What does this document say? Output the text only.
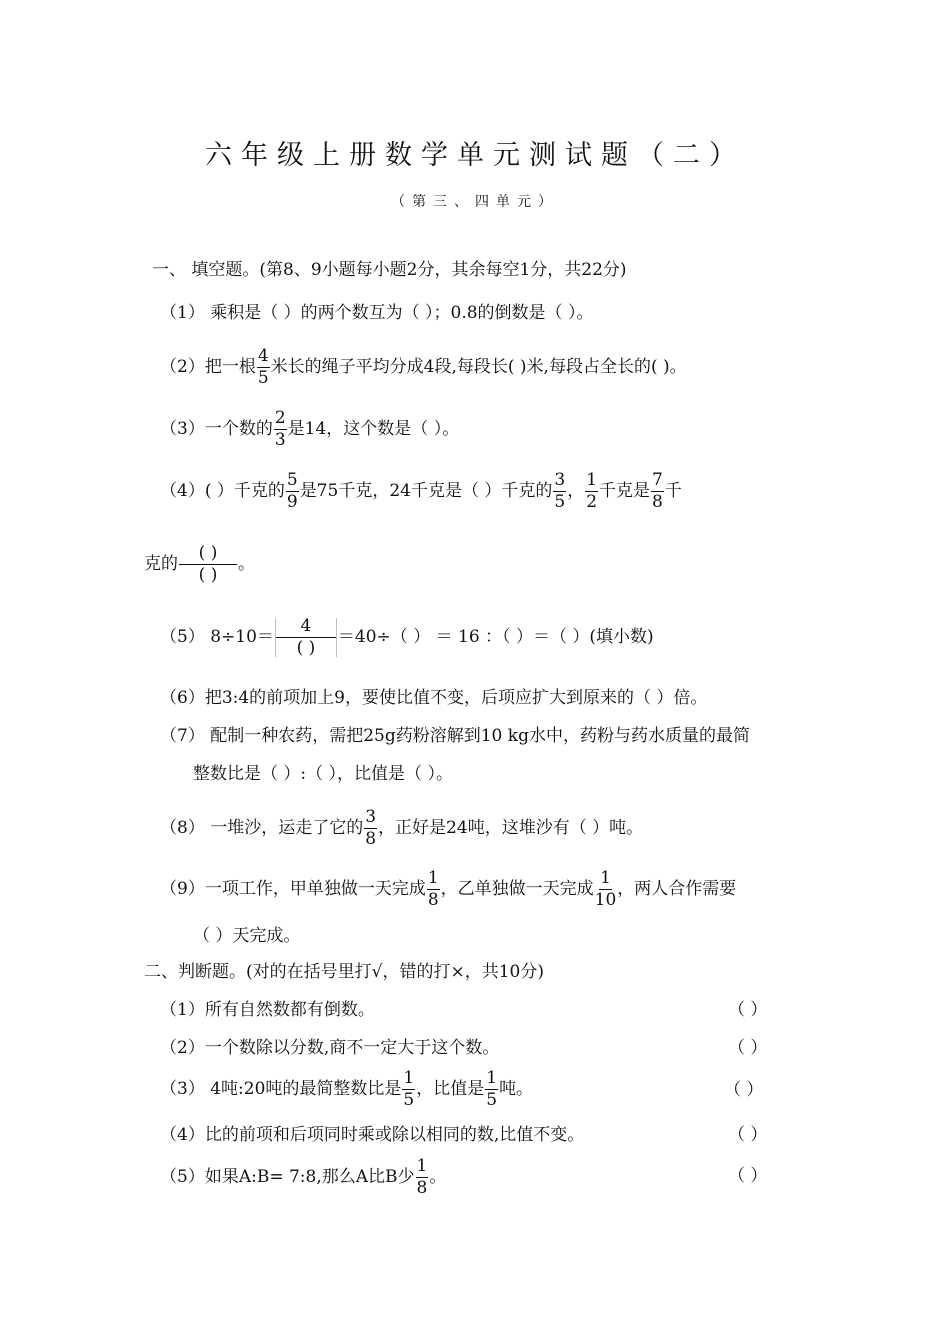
六年级上册数学单元测试题（二）
（第三、四单元）
一、 填空题。(第8、9小题每小题2分，其余每空1分，共22分)
（1） 乘积是（ ）的两个数互为（ ）；0.8的倒数是（ ）。
（2）把一根 $\frac{4}{5}$ 米长的绳子平均分成4段,每段长( )米,每段占全长的( )。
（3）一个数的 $\frac{2}{3}$ 是14，这个数是（ ）。
（4）( ）千克的 $\frac{5}{9}$ 是75千克，24千克是（ ）千克的 $\frac{3}{5}$ ， $\frac{1}{2}$ 千克是 $\frac{7}{8}$ 千
克的 $\frac{( )}{( )}$ 。
（5） $8\div 10= \frac{4}{( )} =40\div$（ ） ＝ 16 ：（ ）＝（ ）(填小数)
（6）把3:4的前项加上9，要使比值不变，后项应扩大到原来的（ ）倍。
（7） 配制一种农药，需把25g药粉溶解到10 kg水中，药粉与药水质量的最简
整数比是（ ）:（ ），比值是（ ）。
（8） 一堆沙，运走了它的 $\frac{3}{8}$ ，正好是24吨，这堆沙有（ ）吨。
（9）一项工作，甲单独做一天完成 $\frac{1}{8}$ ，乙单独做一天完成 $\frac{1}{10}$ ，两人合作需要
（ ）天完成。
二、判断题。(对的在括号里打√，错的打×，共10分)
（1）所有自然数都有倒数。	（ ）
（2）一个数除以分数,商不一定大于这个数。	（ ）
（3） 4吨:20吨的最简整数比是 $\frac{1}{5}$ ，比值是 $\frac{1}{5}$ 吨。	（ ）
（4）比的前项和后项同时乘或除以相同的数,比值不变。	（ ）
（5）如果A:B= 7:8,那么A比B少 $\frac{1}{8}$ 。	（ ）
